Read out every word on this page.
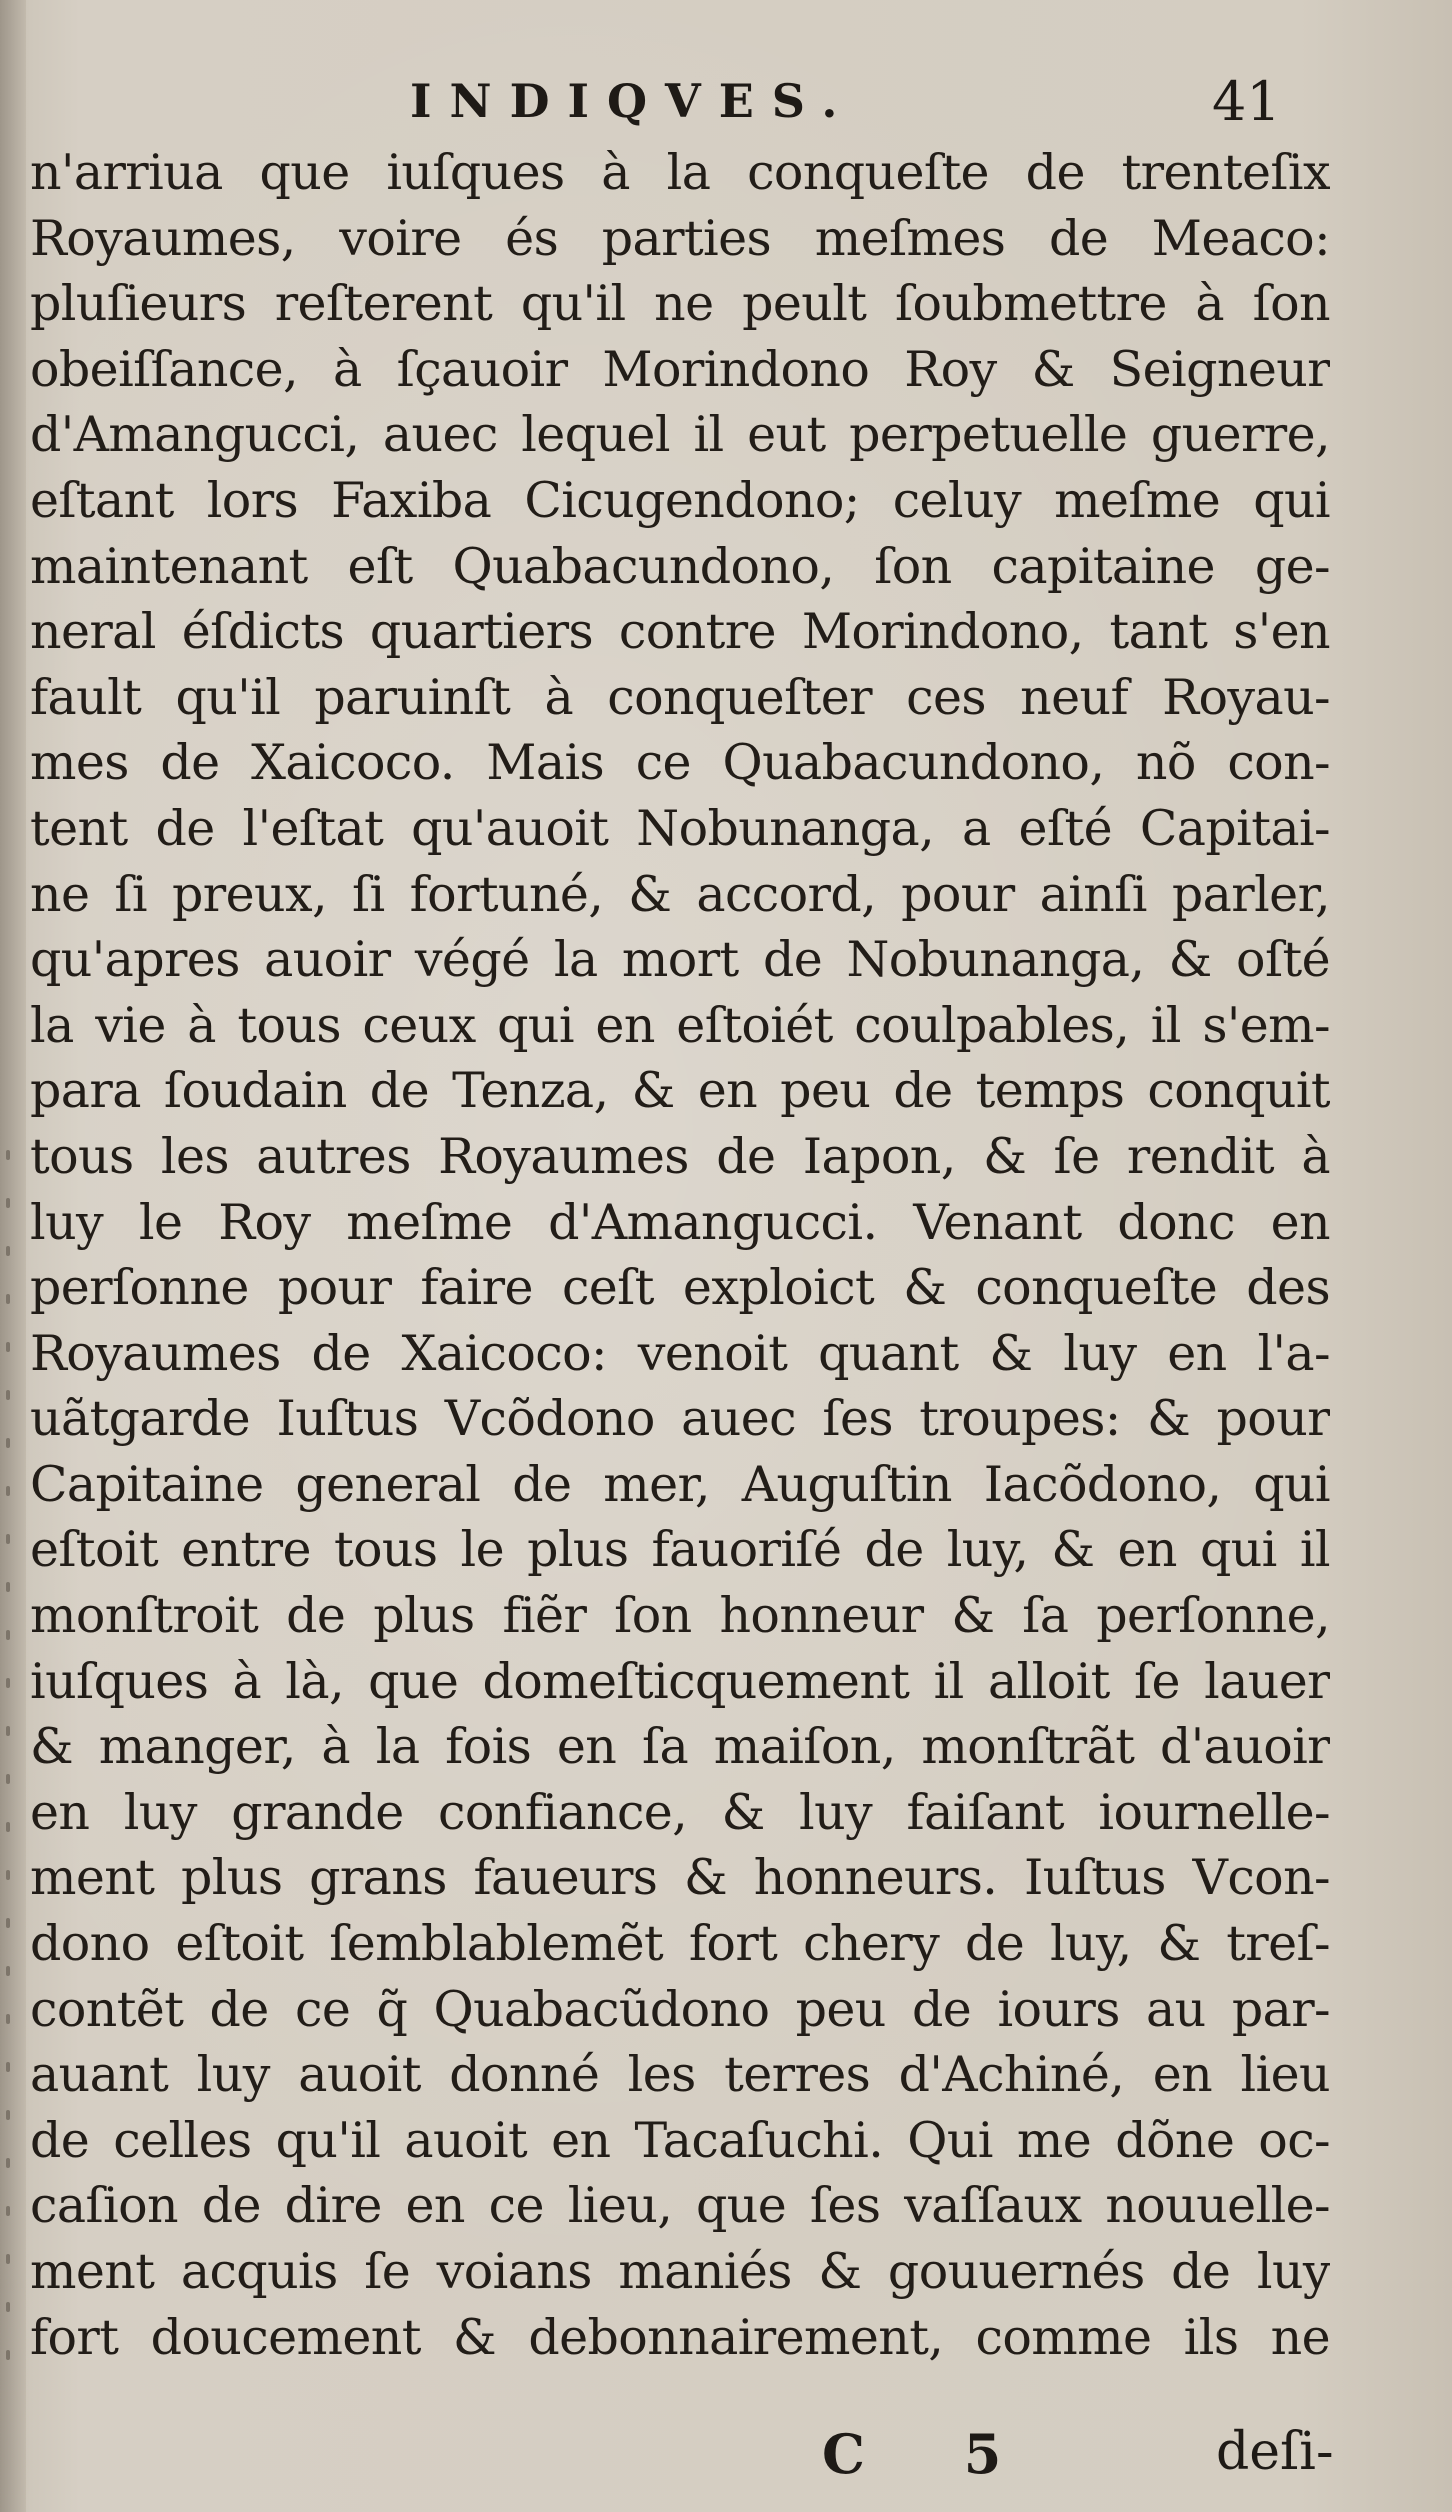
INDIQVES.	41
n'arriua que iuſques à la conqueſte de trenteſix
Royaumes, voire és parties meſmes de Meaco:
pluſieurs reſterent qu'il ne peult ſoubmettre à ſon
obeiſſance, à ſçauoir Morindono Roy & Seigneur
d'Amangucci, auec lequel il eut perpetuelle guerre,
eſtant lors Faxiba Cicugendono; celuy meſme qui
maintenant eſt Quabacundono, ſon capitaine ge-
neral éſdicts quartiers contre Morindono, tant s'en
fault qu'il paruinſt à conqueſter ces neuf Royau-
mes de Xaicoco. Mais ce Quabacundono, nõ con-
tent de l'eſtat qu'auoit Nobunanga, a eſté Capitai-
ne ſi preux, ſi fortuné, & accord, pour ainſi parler,
qu'apres auoir végé la mort de Nobunanga, & oſté
la vie à tous ceux qui en eſtoiét coulpables, il s'em-
para ſoudain de Tenza, & en peu de temps conquit
tous les autres Royaumes de Iapon, & ſe rendit à
luy le Roy meſme d'Amangucci. Venant donc en
perſonne pour faire ceſt exploict & conqueſte des
Royaumes de Xaicoco: venoit quant & luy en l'a-
uãtgarde Iuſtus Vcõdono auec ſes troupes: & pour
Capitaine general de mer, Auguſtin Iacõdono, qui
eſtoit entre tous le plus fauoriſé de luy, & en qui il
monſtroit de plus fiẽr ſon honneur & ſa perſonne,
iuſques à là, que domeſticquement il alloit ſe lauer
& manger, à la fois en ſa maiſon, monſtrãt d'auoir
en luy grande confiance, & luy faiſant iournelle-
ment plus grans faueurs & honneurs. Iuſtus Vcon-
dono eſtoit ſemblablemẽt fort chery de luy, & treſ-
contẽt de ce q̃ Quabacũdono peu de iours au par-
auant luy auoit donné les terres d'Achiné, en lieu
de celles qu'il auoit en Tacaſuchi. Qui me dõne oc-
caſion de dire en ce lieu, que ſes vaſſaux nouuelle-
ment acquis ſe voians maniés & gouuernés de luy
fort doucement & debonnairement, comme ils ne
C 5	deſi-
